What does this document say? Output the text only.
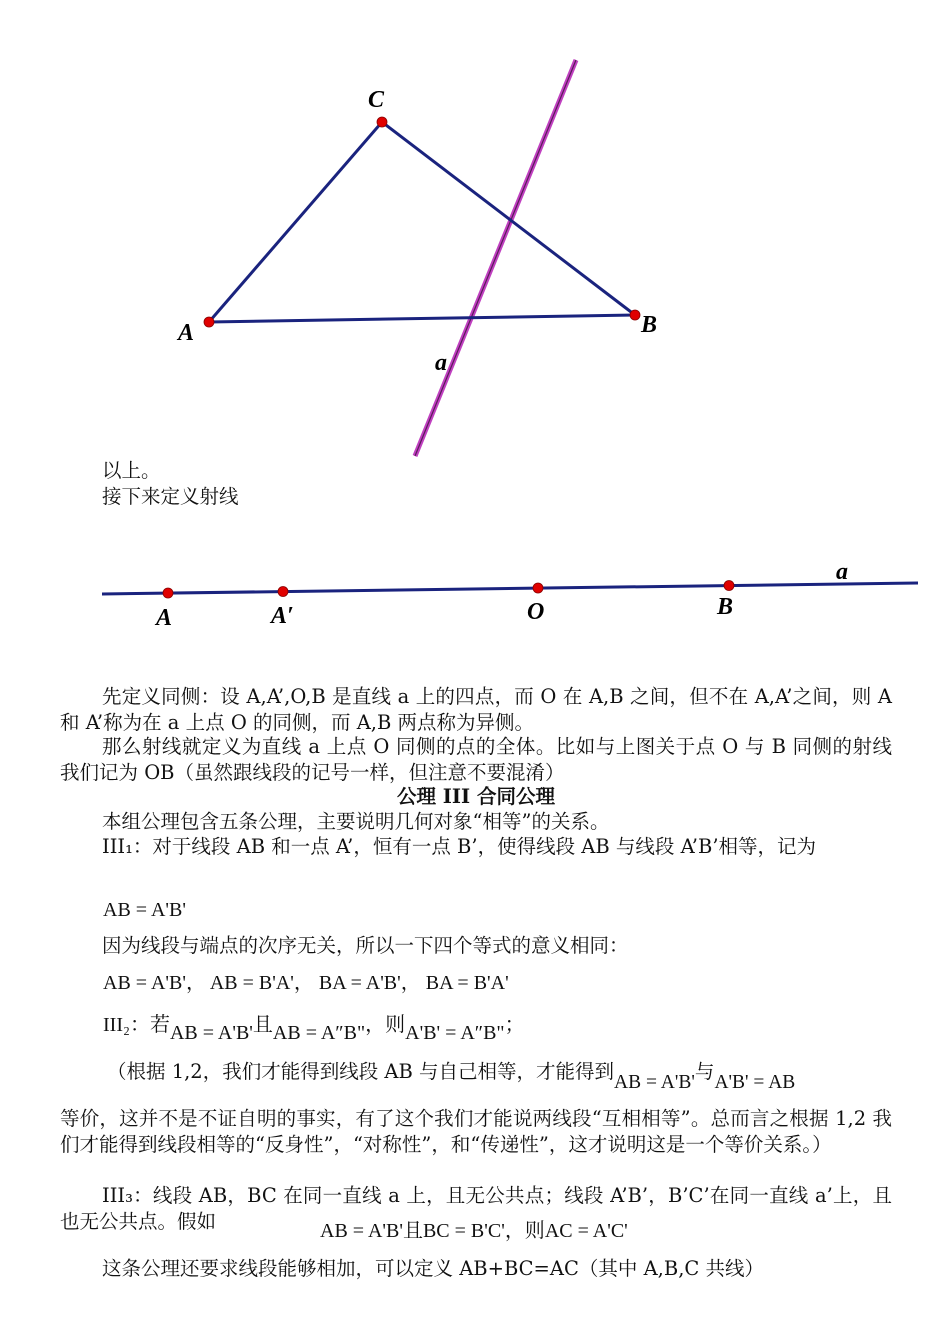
C
A	B
a

以上。

接下来定义射线

A	A′	O	B
a

先定义同侧：设 A,A’,O,B 是直线 a 上的四点，而 O 在 A,B 之间，但不在 A,A’之间，则 A 和 A’称为在 a 上点 O 的同侧，而 A,B 两点称为异侧。

那么射线就定义为直线 a 上点 O 同侧的点的全体。比如与上图关于点 O 与 B 同侧的射线我们记为 OB（虽然跟线段的记号一样，但注意不要混淆）

公理 III 合同公理

本组公理包含五条公理，主要说明几何对象“相等”的关系。

III₁：对于线段 AB 和一点 A’，恒有一点 B’，使得线段 AB 与线段 A’B’相等，记为

AB = A'B'

因为线段与端点的次序无关，所以一下四个等式的意义相同：

AB = A'B'， AB = B'A'， BA = A'B'， BA = B'A'
III₂：若AB = A'B'且AB = A″B"，则A'B' = A″B"；
（根据 1,2，我们才能得到线段 AB 与自己相等，才能得到AB = A'B'与A'B' = AB

等价，这并不是不证自明的事实，有了这个我们才能说两线段“互相相等”。总而言之根据 1,2 我们才能得到线段相等的“反身性”，“对称性”，和“传递性”，这才说明这是一个等价关系。）

III₃：线段 AB，BC 在同一直线 a 上，且无公共点；线段 A’B’，B’C’在同一直线 a’上，且也无公共点。假如	AB = A'B'且BC = B'C'，则AC = A'C'

这条公理还要求线段能够相加，可以定义 AB+BC=AC（其中 A,B,C 共线）
